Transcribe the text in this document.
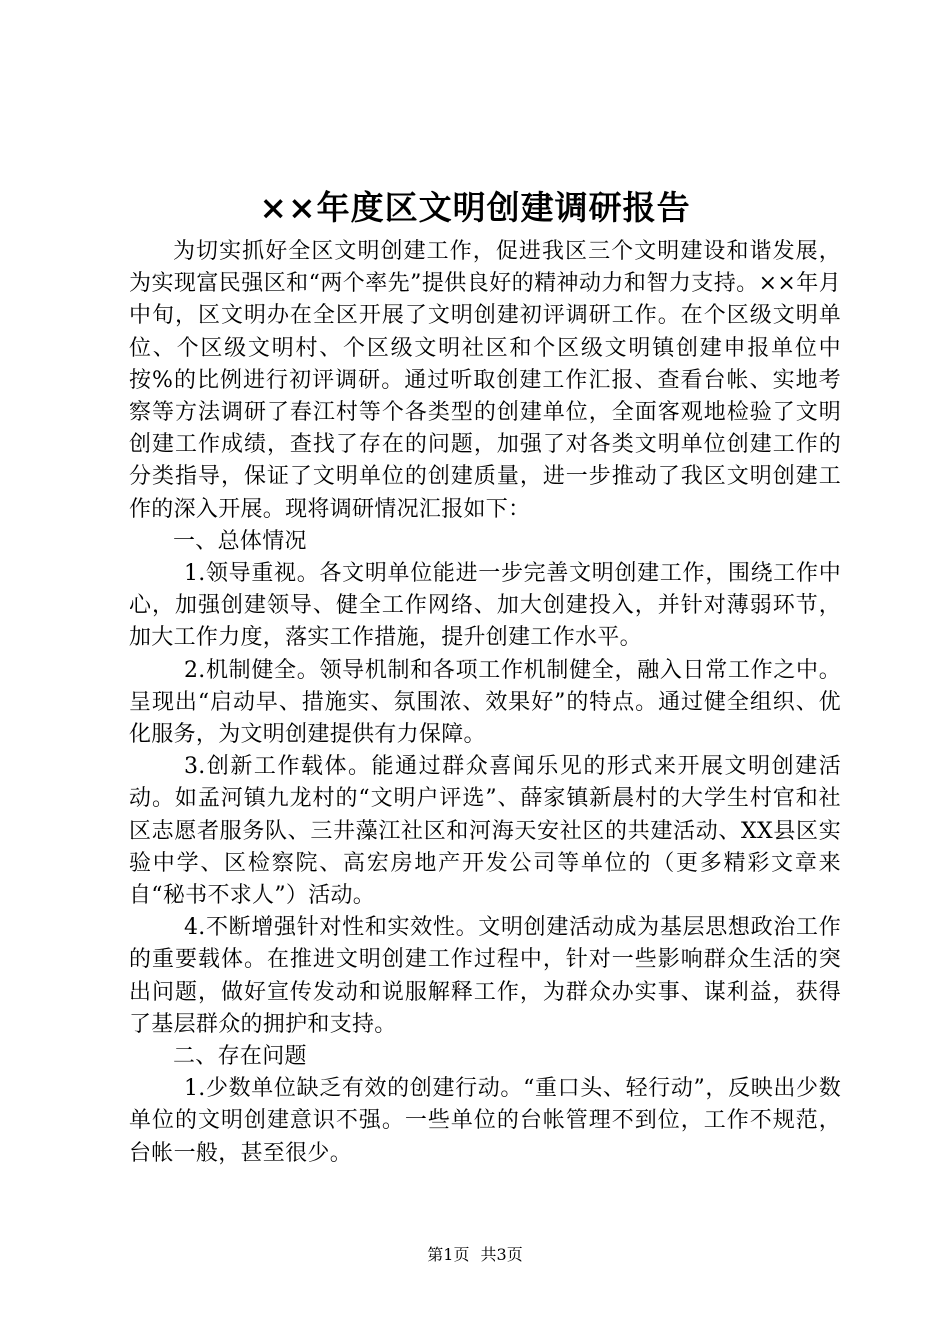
××年度区文明创建调研报告

为切实抓好全区文明创建工作，促进我区三个文明建设和谐发展，为实现富民强区和“两个率先”提供良好的精神动力和智力支持。××年月中旬，区文明办在全区开展了文明创建初评调研工作。在个区级文明单位、个区级文明村、个区级文明社区和个区级文明镇创建申报单位中按%的比例进行初评调研。通过听取创建工作汇报、查看台帐、实地考察等方法调研了春江村等个各类型的创建单位，全面客观地检验了文明创建工作成绩，查找了存在的问题，加强了对各类文明单位创建工作的分类指导，保证了文明单位的创建质量，进一步推动了我区文明创建工作的深入开展。现将调研情况汇报如下：

一、总体情况

1.领导重视。各文明单位能进一步完善文明创建工作，围绕工作中心，加强创建领导、健全工作网络、加大创建投入，并针对薄弱环节，加大工作力度，落实工作措施，提升创建工作水平。

2.机制健全。领导机制和各项工作机制健全，融入日常工作之中。呈现出“启动早、措施实、氛围浓、效果好”的特点。通过健全组织、优化服务，为文明创建提供有力保障。

3.创新工作载体。能通过群众喜闻乐见的形式来开展文明创建活动。如孟河镇九龙村的“文明户评选”、薛家镇新晨村的大学生村官和社区志愿者服务队、三井藻江社区和河海天安社区的共建活动、XX县区实验中学、区检察院、高宏房地产开发公司等单位的（更多精彩文章来自“秘书不求人”）活动。

4.不断增强针对性和实效性。文明创建活动成为基层思想政治工作的重要载体。在推进文明创建工作过程中，针对一些影响群众生活的突出问题，做好宣传发动和说服解释工作，为群众办实事、谋利益，获得了基层群众的拥护和支持。

二、存在问题

1.少数单位缺乏有效的创建行动。“重口头、轻行动”，反映出少数单位的文明创建意识不强。一些单位的台帐管理不到位，工作不规范，台帐一般，甚至很少。

第1页 共3页
